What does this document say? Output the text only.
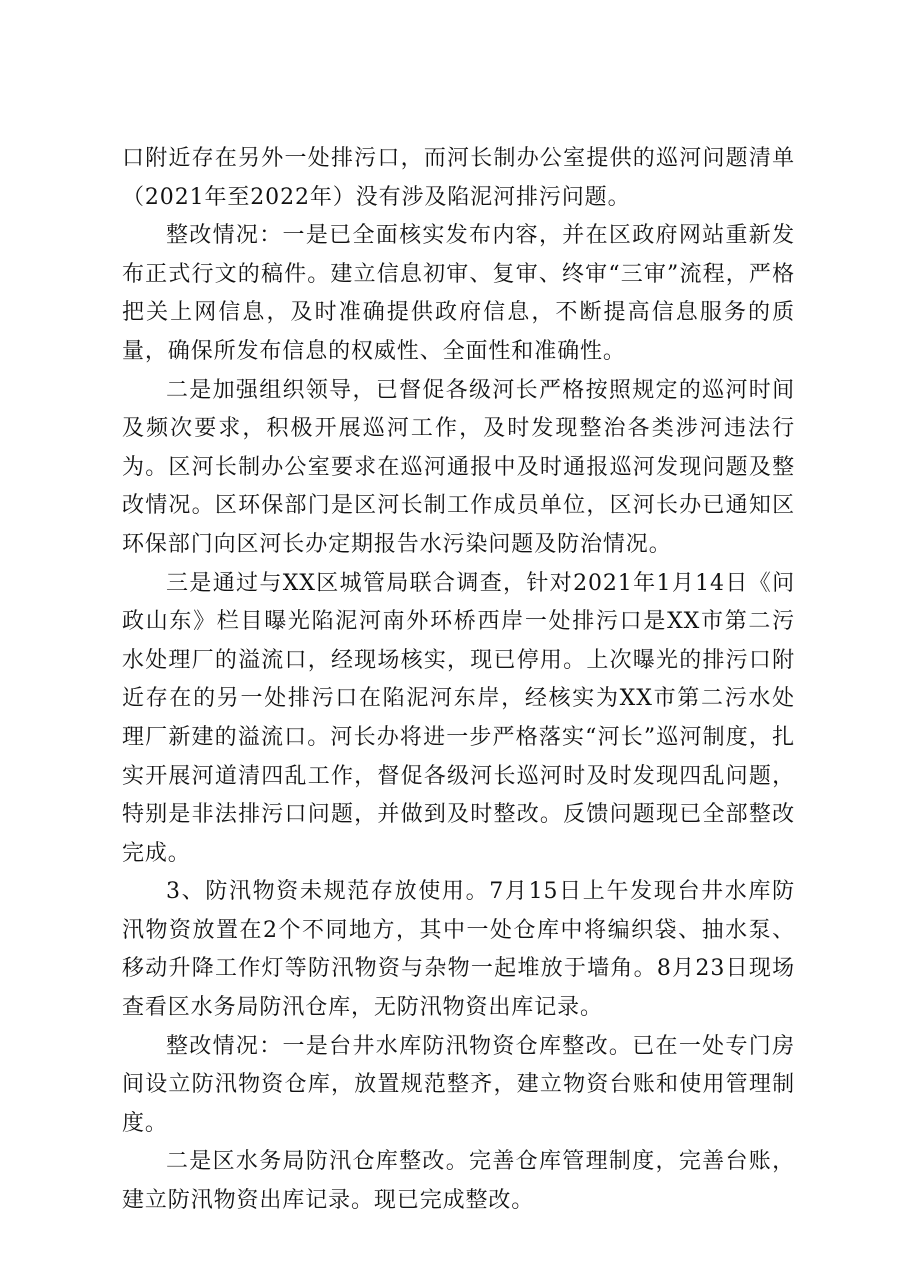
口附近存在另外一处排污口，而河长制办公室提供的巡河问题清单（2021年至2022年）没有涉及陷泥河排污问题。

整改情况：一是已全面核实发布内容，并在区政府网站重新发布正式行文的稿件。建立信息初审、复审、终审“三审”流程，严格把关上网信息，及时准确提供政府信息，不断提高信息服务的质量，确保所发布信息的权威性、全面性和准确性。

二是加强组织领导，已督促各级河长严格按照规定的巡河时间及频次要求，积极开展巡河工作，及时发现整治各类涉河违法行为。区河长制办公室要求在巡河通报中及时通报巡河发现问题及整改情况。区环保部门是区河长制工作成员单位，区河长办已通知区环保部门向区河长办定期报告水污染问题及防治情况。

三是通过与XX区城管局联合调查，针对2021年1月14日《问政山东》栏目曝光陷泥河南外环桥西岸一处排污口是XX市第二污水处理厂的溢流口，经现场核实，现已停用。上次曝光的排污口附近存在的另一处排污口在陷泥河东岸，经核实为XX市第二污水处理厂新建的溢流口。河长办将进一步严格落实“河长”巡河制度，扎实开展河道清四乱工作，督促各级河长巡河时及时发现四乱问题，特别是非法排污口问题，并做到及时整改。反馈问题现已全部整改完成。

3、防汛物资未规范存放使用。7月15日上午发现台井水库防汛物资放置在2个不同地方，其中一处仓库中将编织袋、抽水泵、移动升降工作灯等防汛物资与杂物一起堆放于墙角。8月23日现场查看区水务局防汛仓库，无防汛物资出库记录。

整改情况：一是台井水库防汛物资仓库整改。已在一处专门房间设立防汛物资仓库，放置规范整齐，建立物资台账和使用管理制度。

二是区水务局防汛仓库整改。完善仓库管理制度，完善台账，建立防汛物资出库记录。现已完成整改。
